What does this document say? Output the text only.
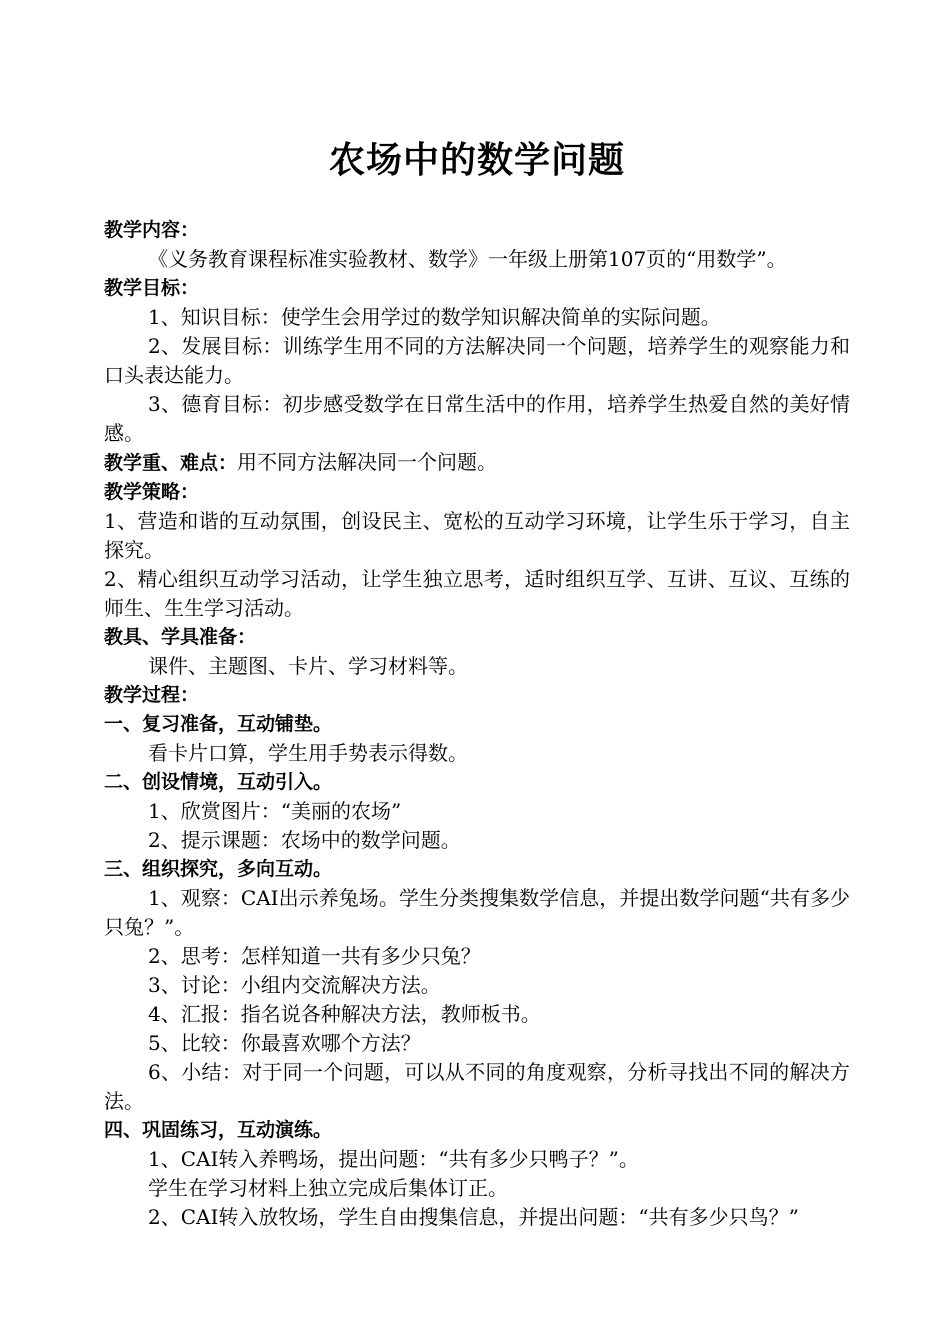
农场中的数学问题

教学内容：

《义务教育课程标准实验教材、数学》一年级上册第107页的“用数学”。

教学目标：

1、知识目标：使学生会用学过的数学知识解决简单的实际问题。

2、发展目标：训练学生用不同的方法解决同一个问题，培养学生的观察能力和口头表达能力。

3、德育目标：初步感受数学在日常生活中的作用，培养学生热爱自然的美好情感。

教学重、难点：用不同方法解决同一个问题。

教学策略：

1、营造和谐的互动氛围，创设民主、宽松的互动学习环境，让学生乐于学习，自主探究。

2、精心组织互动学习活动，让学生独立思考，适时组织互学、互讲、互议、互练的师生、生生学习活动。

教具、学具准备：

课件、主题图、卡片、学习材料等。

教学过程：

一、复习准备，互动铺垫。

看卡片口算，学生用手势表示得数。

二、创设情境，互动引入。

1、欣赏图片：“美丽的农场”

2、提示课题：农场中的数学问题。

三、组织探究，多向互动。

1、观察：CAI出示养兔场。学生分类搜集数学信息，并提出数学问题“共有多少只兔？”。

2、思考：怎样知道一共有多少只兔？

3、讨论：小组内交流解决方法。

4、汇报：指名说各种解决方法，教师板书。

5、比较：你最喜欢哪个方法？

6、小结：对于同一个问题，可以从不同的角度观察，分析寻找出不同的解决方法。

四、巩固练习，互动演练。

1、CAI转入养鸭场，提出问题：“共有多少只鸭子？”。

学生在学习材料上独立完成后集体订正。

2、CAI转入放牧场，学生自由搜集信息，并提出问题：“共有多少只鸟？”
